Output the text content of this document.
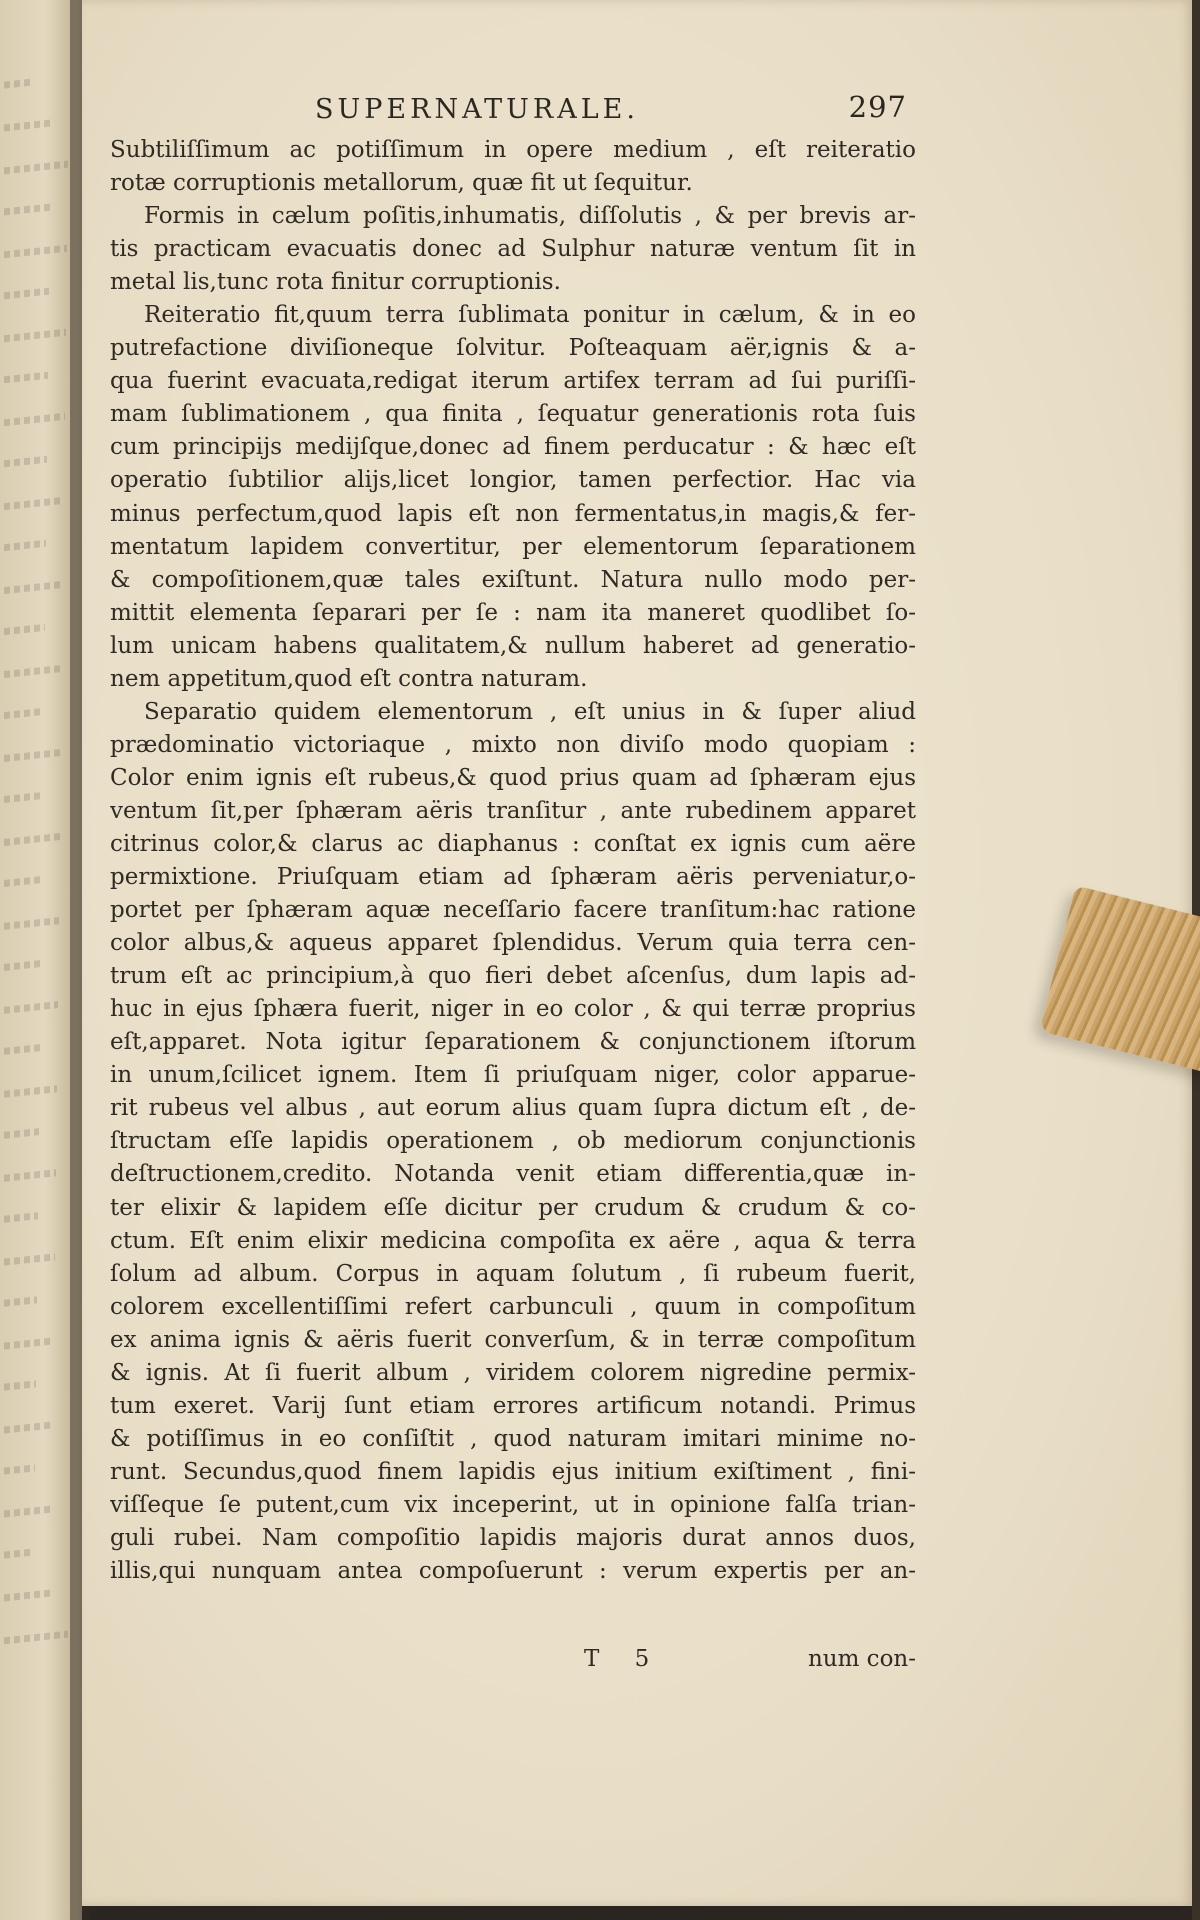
SUPERNATURALE.	297
Subtiliſſimum ac potiſſimum in opere medium , eſt reiteratio
rotæ corruptionis metallorum, quæ fit ut ſequitur.
Formis in cælum poſitis,inhumatis, diſſolutis , & per brevis ar-
tis practicam evacuatis donec ad Sulphur naturæ ventum ſit in
metal lis,tunc rota finitur corruptionis.
Reiteratio fit,quum terra ſublimata ponitur in cælum, & in eo
putrefactione diviſioneque ſolvitur. Poſteaquam aër,ignis & a-
qua fuerint evacuata,redigat iterum artifex terram ad ſui puriſſi-
mam ſublimationem , qua finita , ſequatur generationis rota ſuis
cum principijs medijſque,donec ad finem perducatur : & hæc eſt
operatio ſubtilior alijs,licet longior, tamen perfectior. Hac via
minus perfectum,quod lapis eſt non fermentatus,in magis,& fer-
mentatum lapidem convertitur, per elementorum ſeparationem
& compoſitionem,quæ tales exiſtunt. Natura nullo modo per-
mittit elementa ſeparari per ſe : nam ita maneret quodlibet ſo-
lum unicam habens qualitatem,& nullum haberet ad generatio-
nem appetitum,quod eſt contra naturam.
Separatio quidem elementorum , eſt unius in & ſuper aliud
prædominatio victoriaque , mixto non diviſo modo quopiam :
Color enim ignis eſt rubeus,& quod prius quam ad ſphæram ejus
ventum ſit,per ſphæram aëris tranſitur , ante rubedinem apparet
citrinus color,& clarus ac diaphanus : conſtat ex ignis cum aëre
permixtione. Priuſquam etiam ad ſphæram aëris perveniatur,o-
portet per ſphæram aquæ neceſſario facere tranſitum:hac ratione
color albus,& aqueus apparet ſplendidus. Verum quia terra cen-
trum eſt ac principium,à quo fieri debet aſcenſus, dum lapis ad-
huc in ejus ſphæra fuerit, niger in eo color , & qui terræ proprius
eſt,apparet. Nota igitur ſeparationem & conjunctionem iſtorum
in unum,ſcilicet ignem. Item ſi priuſquam niger, color apparue-
rit rubeus vel albus , aut eorum alius quam ſupra dictum eſt , de-
ſtructam eſſe lapidis operationem , ob mediorum conjunctionis
deſtructionem,credito. Notanda venit etiam differentia,quæ in-
ter elixir & lapidem eſſe dicitur per crudum & crudum & co-
ctum. Eſt enim elixir medicina compoſita ex aëre , aqua & terra
ſolum ad album. Corpus in aquam ſolutum , ſi rubeum fuerit,
colorem excellentiſſimi refert carbunculi , quum in compoſitum
ex anima ignis & aëris fuerit converſum, & in terræ compoſitum
& ignis. At ſi fuerit album , viridem colorem nigredine permix-
tum exeret. Varij ſunt etiam errores artificum notandi. Primus
& potiſſimus in eo conſiſtit , quod naturam imitari minime no-
runt. Secundus,quod finem lapidis ejus initium exiſtiment , fini-
viſſeque ſe putent,cum vix inceperint, ut in opinione falſa trian-
guli rubei. Nam compoſitio lapidis majoris durat annos duos,
illis,qui nunquam antea compoſuerunt : verum expertis per an-
T 5	num con-
